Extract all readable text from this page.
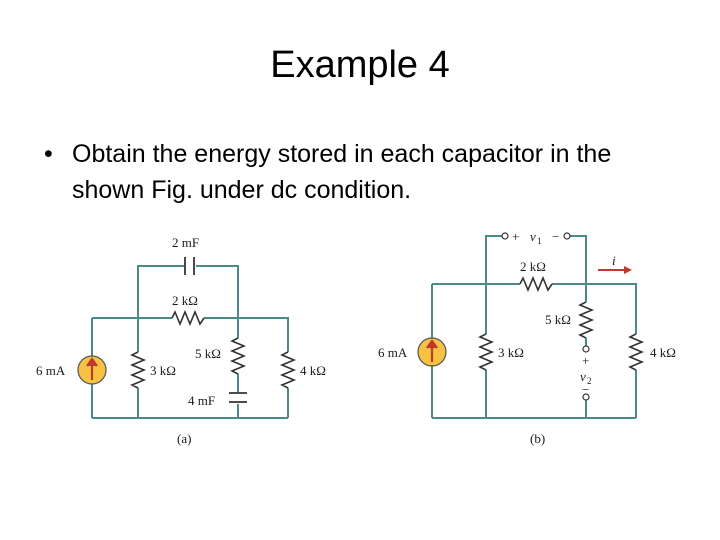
Example 4
• Obtain the energy stored in each capacitor in the shown Fig. under dc condition.
2 mF
2 kΩ
6 mA	3 kΩ
5 kΩ
4 mF
4 kΩ
(a)
+ v 1 −
2 kΩ	i
6 mA	3 kΩ
5 kΩ
+
v 2
−
4 kΩ
(b)
